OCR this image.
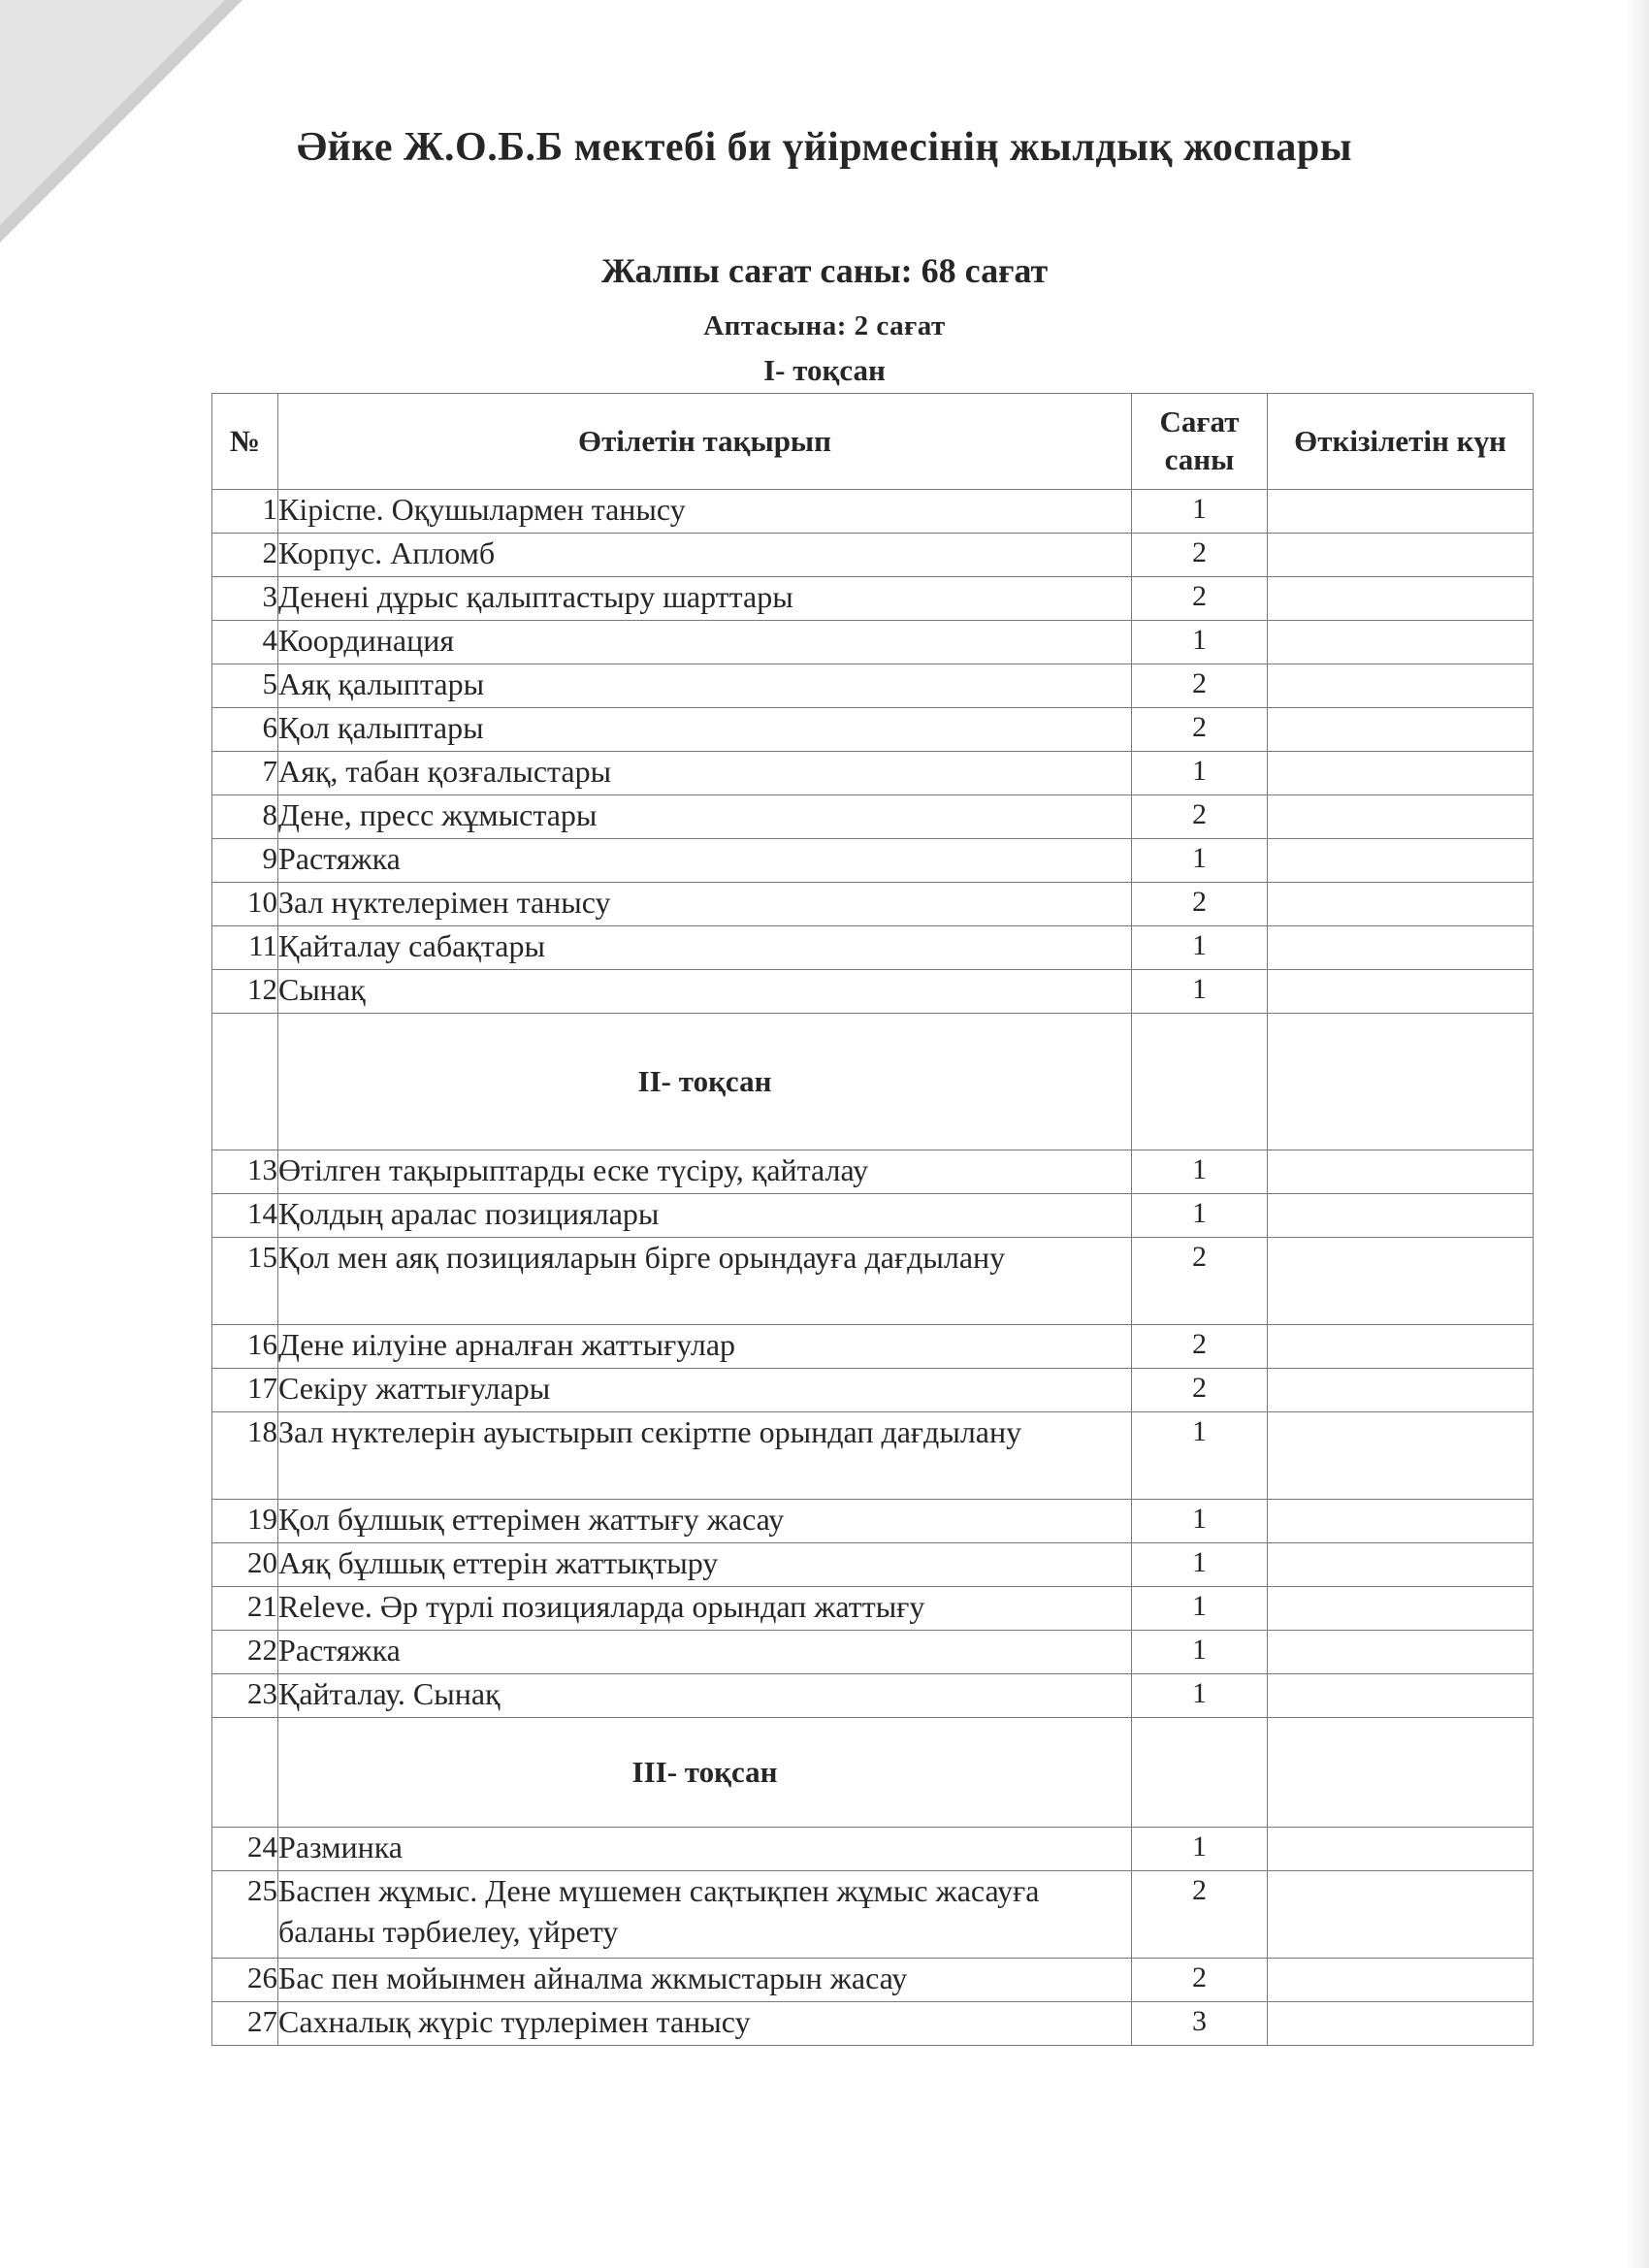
Әйке Ж.О.Б.Б мектебі би үйірмесінің жылдық жоспары
Жалпы сағат саны: 68 сағат
Аптасына: 2 сағат
І- тоқсан
№	Өтілетін тақырып	Сағат саны	Өткізілетін күн
1	Кіріспе. Оқушылармен танысу	1	
2	Корпус. Апломб	2	
3	Денені дұрыс қалыптастыру шарттары	2	
4	Координация	1	
5	Аяқ қалыптары	2	
6	Қол қалыптары	2	
7	Аяқ, табан қозғалыстары	1	
8	Дене, пресс жұмыстары	2	
9	Растяжка	1	
10	Зал нүктелерімен танысу	2	
11	Қайталау сабақтары	1	
12	Сынақ	1	
	ІІ- тоқсан		
13	Өтілген тақырыптарды еске түсіру, қайталау	1	
14	Қолдың аралас позициялары	1	
15	Қол мен аяқ позицияларын бірге орындауға дағдылану	2	
16	Дене иілуіне арналған жаттығулар	2	
17	Секіру жаттығулары	2	
18	Зал нүктелерін ауыстырып секіртпе орындап дағдылану	1	
19	Қол бұлшық еттерімен жаттығу жасау	1	
20	Аяқ бұлшық еттерін жаттықтыру	1	
21	Releve. Әр түрлі позицияларда орындап жаттығу	1	
22	Растяжка	1	
23	Қайталау. Сынақ	1	
	ІІІ- тоқсан		
24	Разминка	1	
25	Баспен жұмыс. Дене мүшемен сақтықпен жұмыс жасауға баланы тәрбиелеу, үйрету	2	
26	Бас пен мойынмен айналма жкмыстарын жасау	2	
27	Сахналық жүріс түрлерімен танысу	3	
